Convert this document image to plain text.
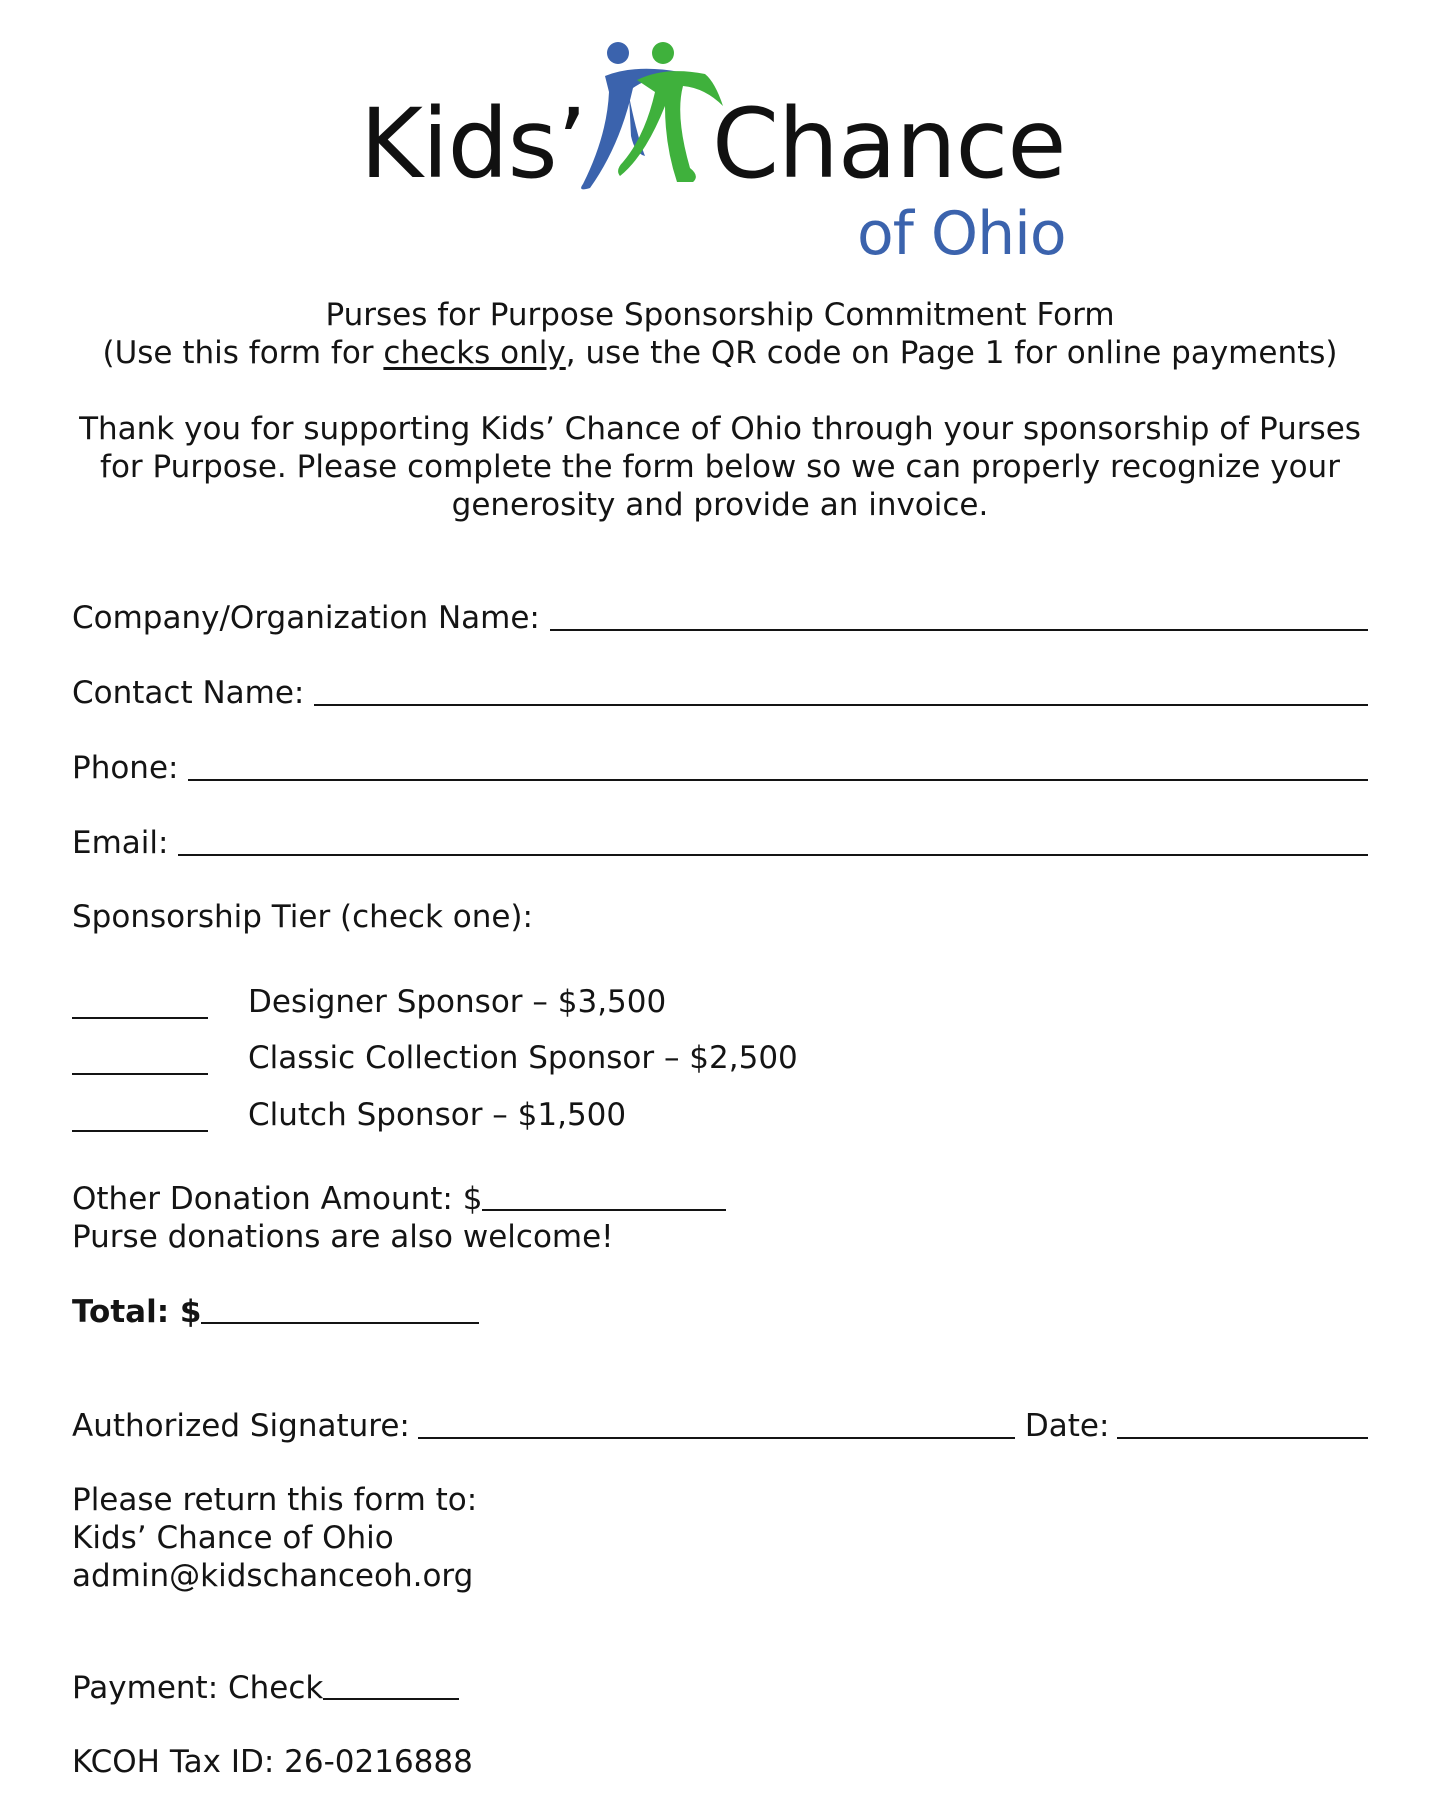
Kids’ Chance
of Ohio
Purses for Purpose Sponsorship Commitment Form
(Use this form for checks only, use the QR code on Page 1 for online payments)
Thank you for supporting Kids’ Chance of Ohio through your sponsorship of Purses
for Purpose. Please complete the form below so we can properly recognize your
generosity and provide an invoice.
Company/Organization Name:
Contact Name:
Phone:
Email:
Sponsorship Tier (check one):
Designer Sponsor – $3,500
Classic Collection Sponsor – $2,500
Clutch Sponsor – $1,500
Other Donation Amount: $
Purse donations are also welcome!
Total: $
Authorized Signature:	Date:
Please return this form to:
Kids’ Chance of Ohio
admin@kidschanceoh.org
Payment: Check
KCOH Tax ID: 26-0216888
